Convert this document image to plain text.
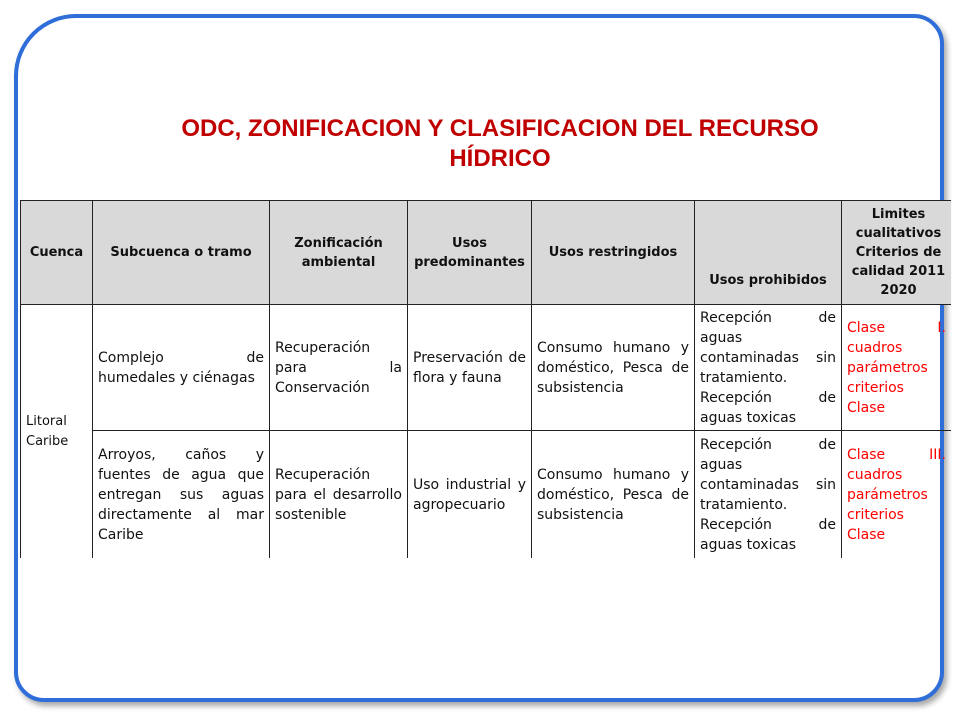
ODC, ZONIFICACION Y CLASIFICACION DEL RECURSO
HÍDRICO
Cuenca	Subcuenca o tramo	Zonificación ambiental	Usos predominantes	Usos restringidos	Usos prohibidos	Limites cualitativos Criterios de calidad 2011 2020
Litoral Caribe	Complejo de humedales y ciénagas	Recuperación para la Conservación	Preservación de flora y fauna	Consumo humano y doméstico, Pesca de subsistencia	Recepción de aguas contaminadas sin tratamiento. Recepción de aguas toxicas	Clase I. cuadros parámetros criterios Clase
	Arroyos, caños y fuentes de agua que entregan sus aguas directamente al mar Caribe	Recuperación para el desarrollo sostenible	Uso industrial y agropecuario	Consumo humano y doméstico, Pesca de subsistencia	Recepción de aguas contaminadas sin tratamiento. Recepción de aguas toxicas	Clase III. cuadros parámetros criterios Clase
